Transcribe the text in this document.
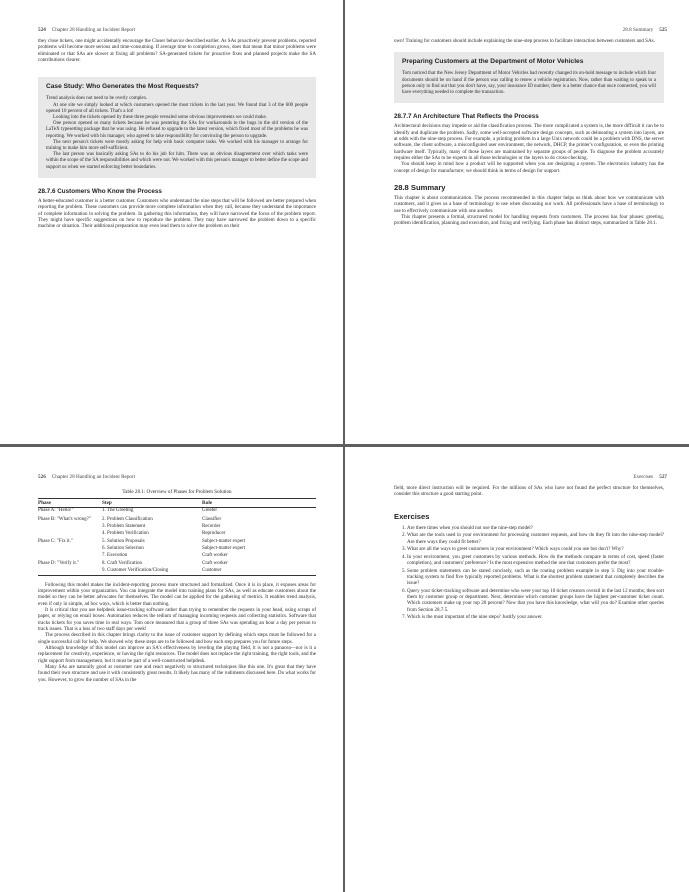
524 Chapter 28 Handling an Incident Report

they close tickets, one might accidentally encourage the Closer behavior described earlier. As SAs proactively prevent problems, reported problems will become more serious and time-consuming. If average time to completion grows, does that mean that minor problems were eliminated or that SAs are slower at fixing all problems? SA-generated tickets for proactive fixes and planned projects make the SA contributions clearer.

Case Study: Who Generates the Most Requests?

Trend analysis does not need to be overly complex.

At one site we simply looked at which customers opened the most tickets in the last year. We found that 3 of the 600 people opened 10 percent of all tickets. That's a lot!

Looking into the tickets opened by these three people revealed some obvious improvements we could make.

One person opened so many tickets because he was pestering the SAs for workarounds to the bugs in the old version of the LaTeX typesetting package that he was using. He refused to upgrade to the latest version, which fixed most of the problems he was reporting. We worked with his manager, who agreed to take responsibility for convincing the person to upgrade.

The next person's tickets were mostly asking for help with basic computer tasks. We worked with his manager to arrange for training to make him more self-sufficient.

The last person was basically asking SAs to do his job for him. There was an obvious disagreement over which tasks were within the scope of the SA responsibilities and which were not. We worked with this person's manager to better define the scope and support us when we started enforcing better boundaries.

28.7.6 Customers Who Know the Process

A better-educated customer is a better customer. Customers who understand the nine steps that will be followed are better prepared when reporting the problem. These customers can provide more complete information when they call, because they understand the importance of complete information in solving the problem. In gathering this information, they will have narrowed the focus of the problem report. They might have specific suggestions on how to reproduce the problem. They may have narrowed the problem down to a specific machine or situation. Their additional preparation may even lead them to solve the problem on their

28.8 Summary 525

own! Training for customers should include explaining the nine-step process to facilitate interaction between customers and SAs.

Preparing Customers at the Department of Motor Vehicles

Tom noticed that the New Jersey Department of Motor Vehicles had recently changed its on-hold message to include which four documents should be on hand if the person was calling to renew a vehicle registration. Now, rather than waiting to speak to a person only to find out that you don't have, say, your insurance ID number, there is a better chance that once connected, you will have everything needed to complete the transaction.

28.7.7 An Architecture That Reflects the Process

Architectural decisions may impede or aid the classification process. The more complicated a system is, the more difficult it can be to identify and duplicate the problem. Sadly, some well-accepted software design concepts, such as delineating a system into layers, are at odds with the nine-step process. For example, a printing problem in a large Unix network could be a problem with DNS, the server software, the client software, a misconfigured user environment, the network, DHCP, the printer's configuration, or even the printing hardware itself. Typically, many of those layers are maintained by separate groups of people. To diagnose the problem accurately requires either the SAs to be experts in all those technologies or the layers to do cross-checking.

You should keep in mind how a product will be supported when you are designing a system. The electronics industry has the concept of design for manufacture; we should think in terms of design for support.

28.8 Summary

This chapter is about communication. The process recommended in this chapter helps us think about how we communicate with customers, and it gives us a base of terminology to use when discussing our work. All professionals have a base of terminology to use to effectively communicate with one another.

This chapter presents a formal, structured model for handling requests from customers. The process has four phases: greeting, problem identification, planning and execution, and fixing and verifying. Each phase has distinct steps, summarized in Table 28.1.

526 Chapter 28 Handling an Incident Report
Table 28.1: Overview of Phases for Problem Solution
Phase	Step	Role
Phase A: "Hello!"	1. The Greeting	Greeter
Phase B: "What's wrong?"	2. Problem Classification	Classifier
	3. Problem Statement	Recorder
	4. Problem Verification	Reproducer
Phase C: "Fix it."	5. Solution Proposals	Subject-matter expert
	6. Solution Selection	Subject-matter expert
	7. Execution	Craft worker
Phase D: "Verify it."	8. Craft Verification	Craft worker
	9. Customer Verification/Closing	Customer

Following this model makes the incident-reporting process more structured and formalized. Once it is in place, it exposes areas for improvement within your organization. You can integrate the model into training plans for SAs, as well as educate customers about the model so they can be better advocates for themselves. The model can be applied for the gathering of metrics. It enables trend analysis, even if only in simple, ad hoc ways, which is better than nothing.

It is critical that you use helpdesk issue-tracking software rather than trying to remember the requests in your head, using scraps of paper, or relying on email boxes. Automation reduces the tedium of managing incoming requests and collecting statistics. Software that tracks tickets for you saves time in real ways. Tom once measured that a group of three SAs was spending an hour a day per person to track issues. That is a loss of two staff days per week!

The process described in this chapter brings clarity to the issue of customer support by defining which steps must be followed for a single successful call for help. We showed why these steps are to be followed and how each step prepares you for future steps.

Although knowledge of this model can improve an SA's effectiveness by leveling the playing field, it is not a panacea—nor is it a replacement for creativity, experience, or having the right resources. The model does not replace the right training, the right tools, and the right support from management, but it must be part of a well-constructed helpdesk.

Many SAs are naturally good at customer care and react negatively to structured techniques like this one. It's great that they have found their own structure and use it with consistently great results. It likely has many of the rudiments discussed here. Do what works for you. However, to grow the number of SAs in the

Exercises 527

field, more direct instruction will be required. For the millions of SAs who have not found the perfect structure for themselves, consider this structure a good starting point.

Exercises
1. Are there times when you should not use the nine-step model?
2. What are the tools used in your environment for processing customer requests, and how do they fit into the nine-step model? Are there ways they could fit better?
3. What are all the ways to greet customers in your environment? Which ways could you use but don't? Why?
4. In your environment, you greet customers by various methods. How do the methods compare in terms of cost, speed (faster completion), and customers' preference? Is the most expensive method the one that customers prefer the most?
5. Some problem statements can be stated concisely, such as the routing problem example in step 3. Dig into your trouble-tracking system to find five typically reported problems. What is the shortest problem statement that completely describes the issue?
6. Query your ticket-tracking software and determine who were your top 10 ticket creators overall in the last 12 months; then sort them by customer group or department. Next, determine which customer groups have the highest per-customer ticket count. Which customers make up your top 20 percent? Now that you have this knowledge, what will you do? Examine other queries from Section 28.7.5.
7. Which is the most important of the nine steps? Justify your answer.
